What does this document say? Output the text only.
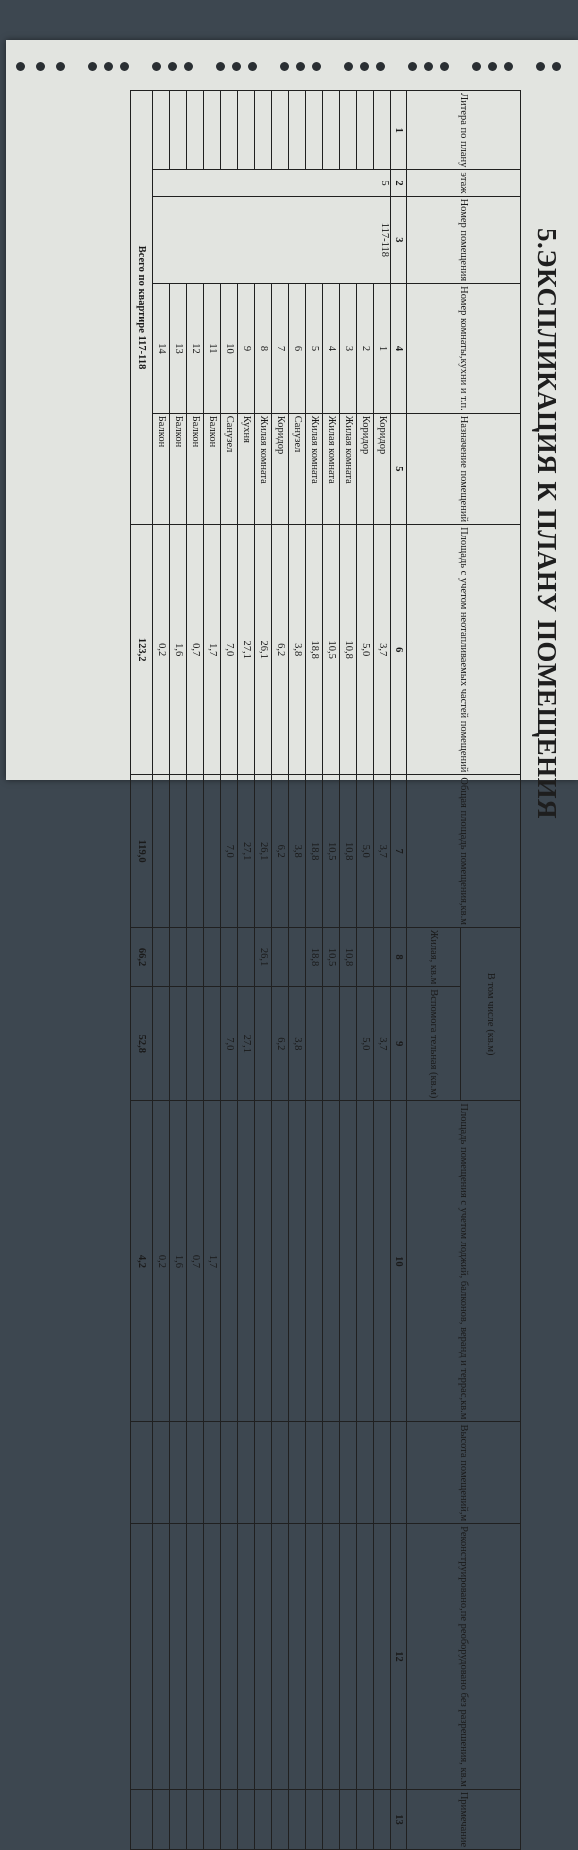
5.ЭКСПЛИКАЦИЯ К ПЛАНУ ПОМЕЩЕНИЯ
Литера по плану	этаж	Номер помещения	Номер комнаты,кухни и т.п.	Назначение помещений	Площадь с учетом неотапливаемых частей помещений	Общая площадь помещения,кв.м	В том числе (кв.м)		Площадь помещения с учетом лоджий, балконов, веранд и террас,кв.м	Высота помещений,м	Реконструировано,пе реоборудовано без разрешения, кв.м	Примечание
							Жилая, кв.м	Вспомога тельная (кв.м)				
1	2	3	4	5	6	7	8	9	10		12	13
	5	117-118	1	Коридор	3,7	3,7		3,7				
			2	Коридор	5,0	5,0		5,0				
			3	Жилая комната	10,8	10,8	10,8					
			4	Жилая комната	10,5	10,5	10,5					
			5	Жилая комната	18,8	18,8	18,8					
			6	Санузел	3,8	3,8		3,8				
			7	Коридор	6,2	6,2		6,2				
			8	Жилая комната	26,1	26,1	26,1					
			9	Кухня	27,1	27,1		27,1				
			10	Санузел	7,0	7,0		7,0				
			11	Балкон	1,7				1,7			
			12	Балкон	0,7				0,7			
			13	Балкон	1,6				1,6			
			14	Балкон	0,2				0,2			
Всего по квартире 117-118					123,2	119,0	66,2	52,8	4,2			
